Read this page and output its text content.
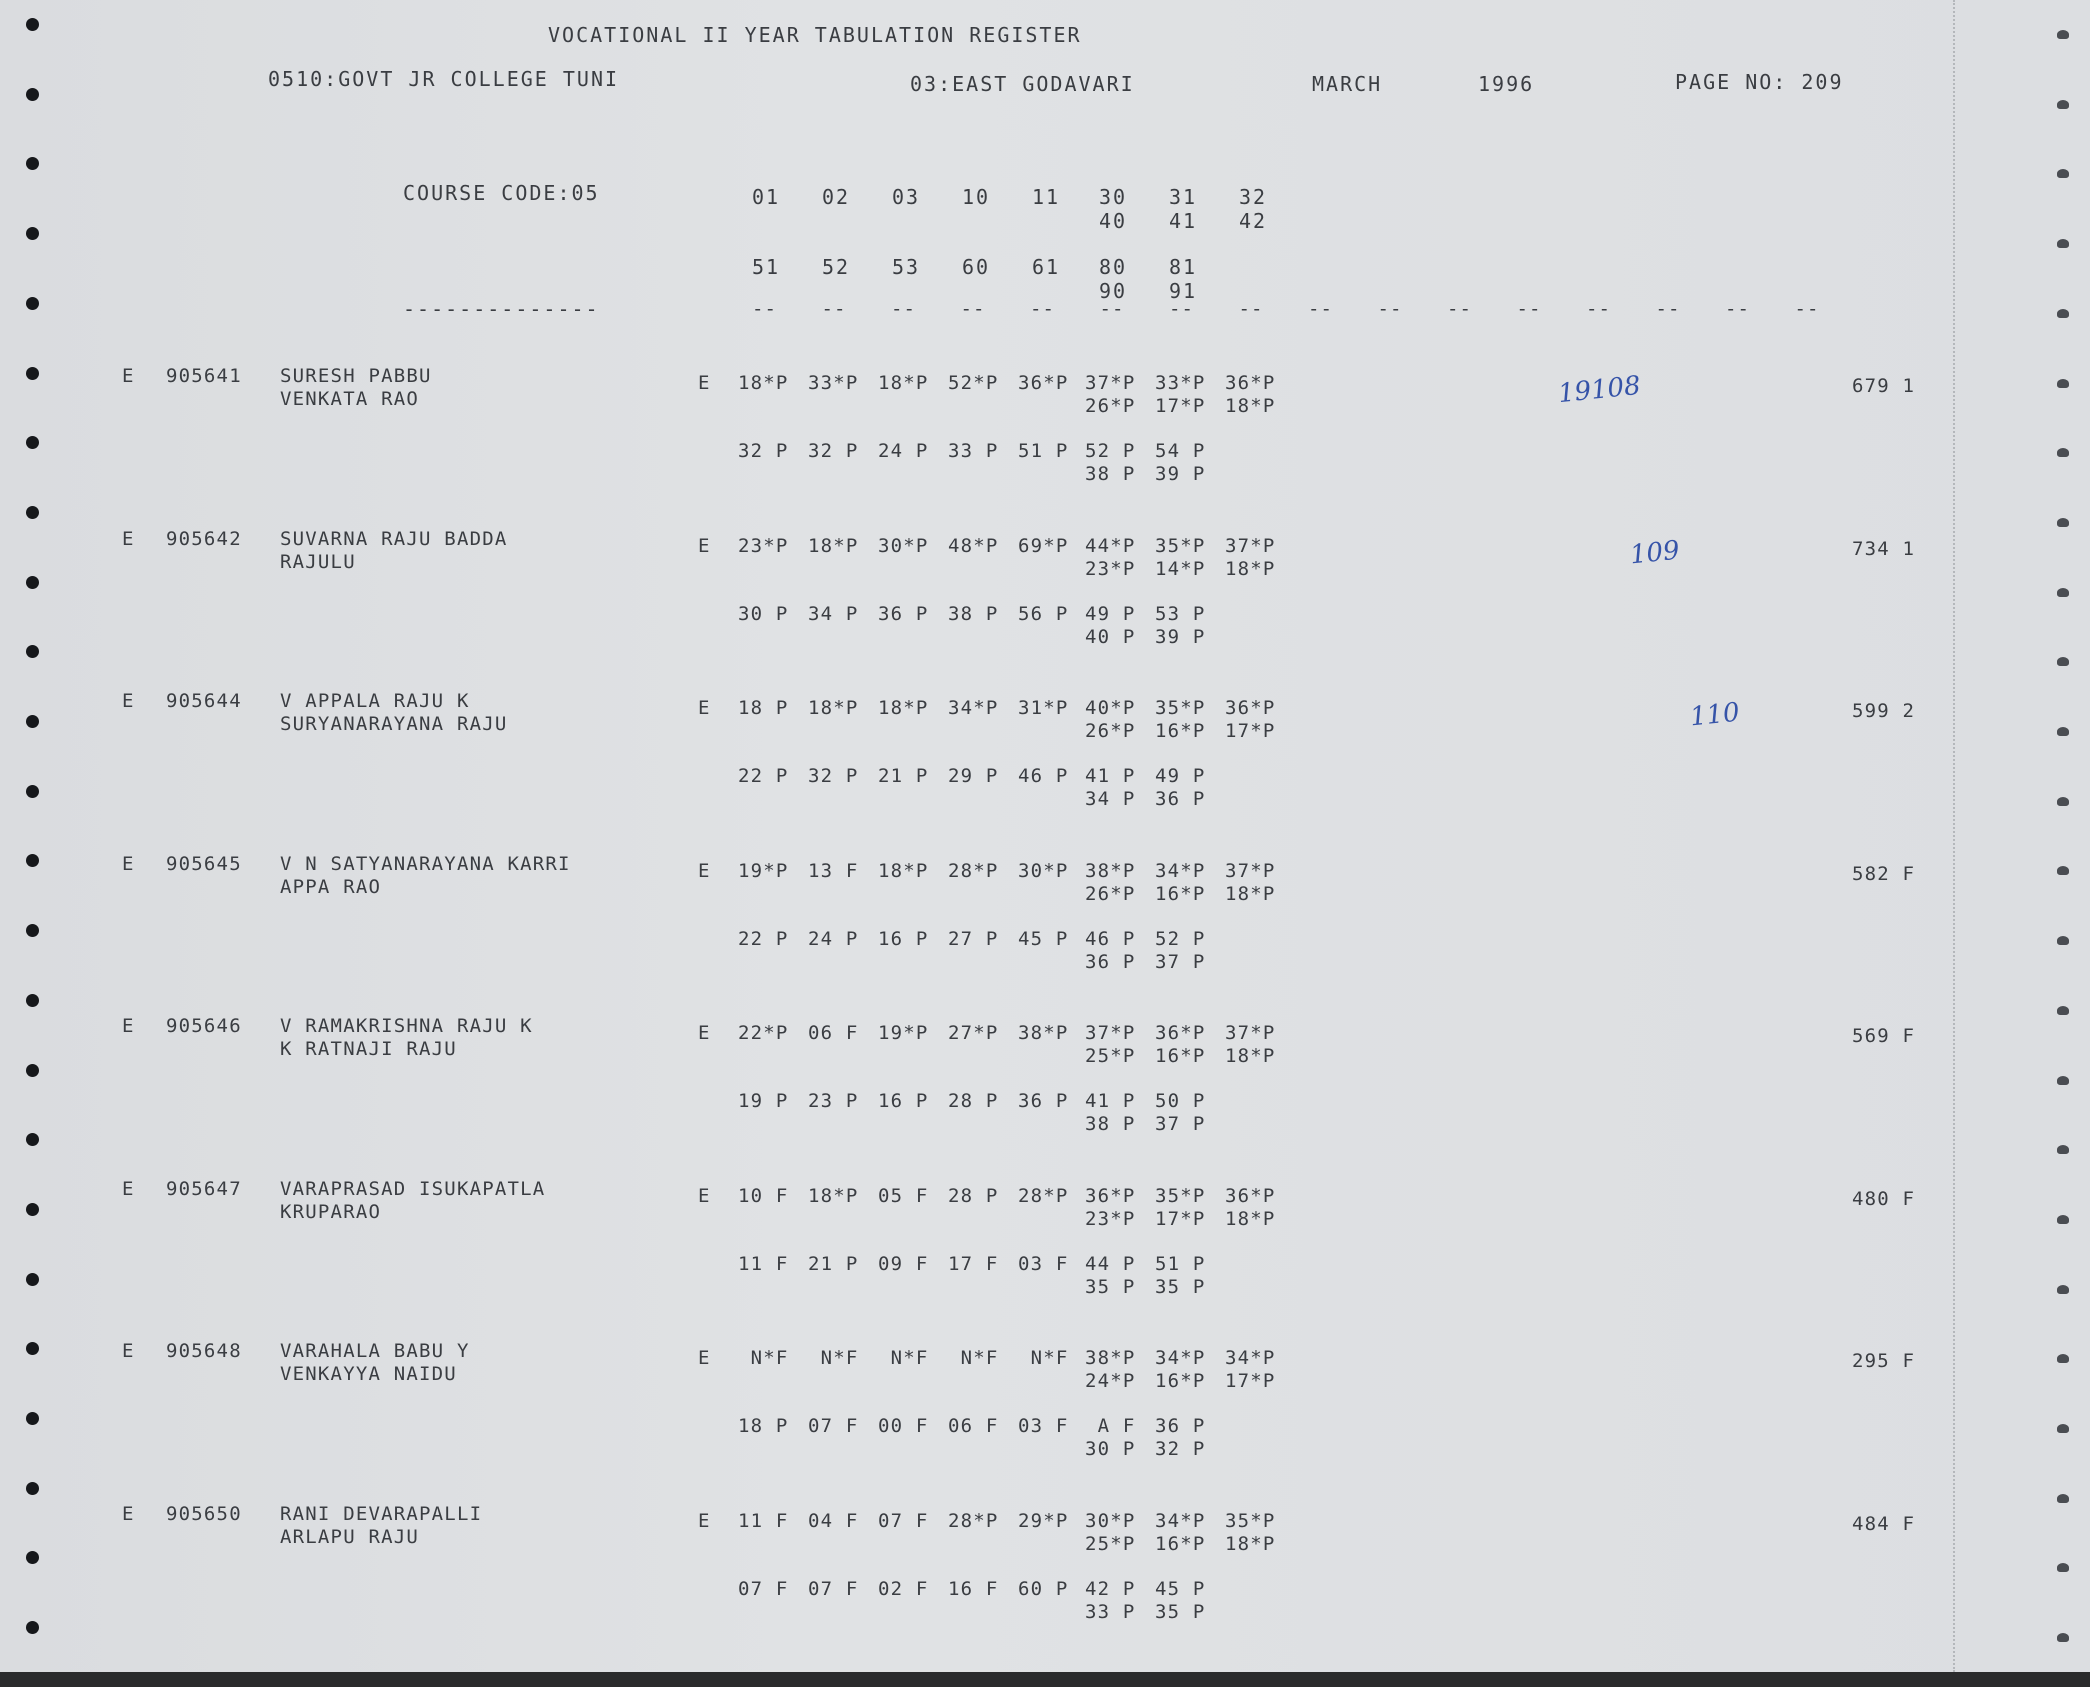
VOCATIONAL II YEAR TABULATION REGISTER
0510:GOVT JR COLLEGE TUNI	03:EAST GODAVARI	MARCH	1996	PAGE NO: 209
COURSE CODE:05
--------------
01 02 03 10 11 30 31 32
40 41 42
51 52 53 60 61 80 81
90 91
-- -- -- -- -- -- -- -- -- -- -- -- -- -- -- --
E 905641 SURESH PABBU
VENKATA RAO
E 18*P 33*P 18*P 52*P 36*P 37*P 33*P 36*P
26*P 17*P 18*P
32 P 32 P 24 P 33 P 51 P 52 P 54 P
38 P 39 P
679 1
19108
E 905642 SUVARNA RAJU BADDA
RAJULU
E 23*P 18*P 30*P 48*P 69*P 44*P 35*P 37*P
23*P 14*P 18*P
30 P 34 P 36 P 38 P 56 P 49 P 53 P
40 P 39 P
734 1
109
E 905644 V APPALA RAJU K
SURYANARAYANA RAJU
E 18 P 18*P 18*P 34*P 31*P 40*P 35*P 36*P
26*P 16*P 17*P
22 P 32 P 21 P 29 P 46 P 41 P 49 P
34 P 36 P
599 2
110
E 905645 V N SATYANARAYANA KARRI
APPA RAO
E 19*P 13 F 18*P 28*P 30*P 38*P 34*P 37*P
26*P 16*P 18*P
22 P 24 P 16 P 27 P 45 P 46 P 52 P
36 P 37 P
582 F
E 905646 V RAMAKRISHNA RAJU K
K RATNAJI RAJU
E 22*P 06 F 19*P 27*P 38*P 37*P 36*P 37*P
25*P 16*P 18*P
19 P 23 P 16 P 28 P 36 P 41 P 50 P
38 P 37 P
569 F
E 905647 VARAPRASAD ISUKAPATLA
KRUPARAO
E 10 F 18*P 05 F 28 P 28*P 36*P 35*P 36*P
23*P 17*P 18*P
11 F 21 P 09 F 17 F 03 F 44 P 51 P
35 P 35 P
480 F
E 905648 VARAHALA BABU Y
VENKAYYA NAIDU
E N*F N*F N*F N*F N*F 38*P 34*P 34*P
24*P 16*P 17*P
18 P 07 F 00 F 06 F 03 F A F 36 P
30 P 32 P
295 F
E 905650 RANI DEVARAPALLI
ARLAPU RAJU
E 11 F 04 F 07 F 28*P 29*P 30*P 34*P 35*P
25*P 16*P 18*P
07 F 07 F 02 F 16 F 60 P 42 P 45 P
33 P 35 P
484 F
